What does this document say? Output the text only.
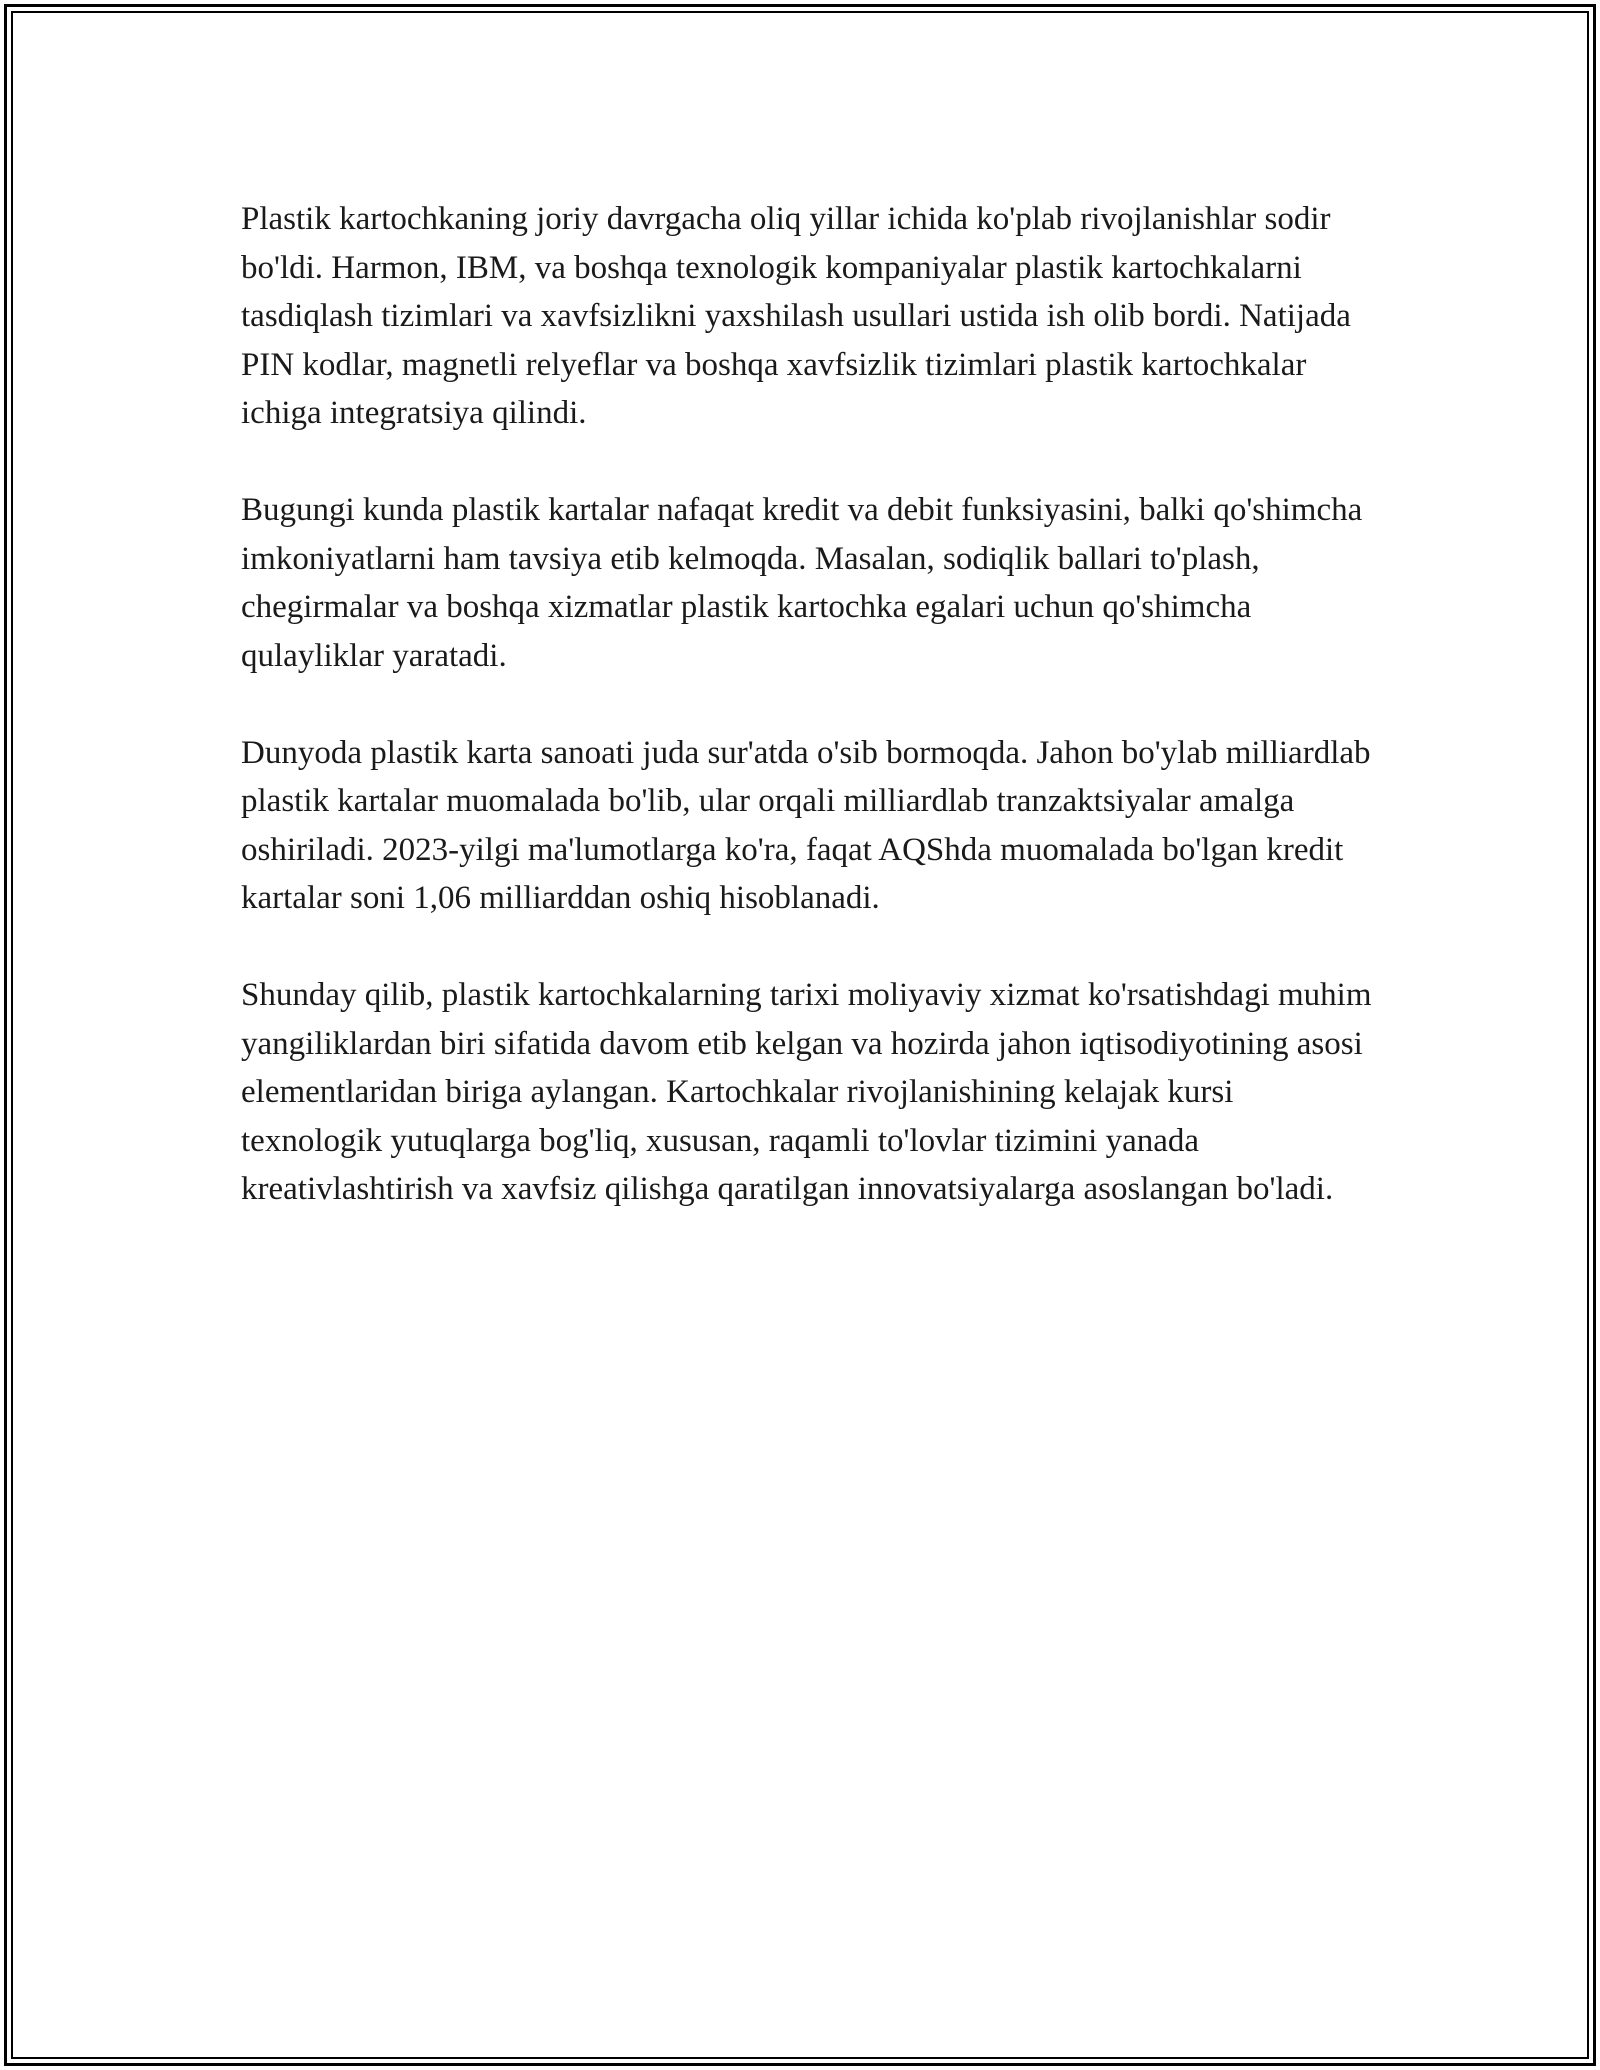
Plastik kartochkaning joriy davrgacha oliq yillar ichida ko'plab rivojlanishlar sodir bo'ldi. Harmon, IBM, va boshqa texnologik kompaniyalar plastik kartochkalarni tasdiqlash tizimlari va xavfsizlikni yaxshilash usullari ustida ish olib bordi. Natijada PIN kodlar, magnetli relyeflar va boshqa xavfsizlik tizimlari plastik kartochkalar ichiga integratsiya qilindi.

Bugungi kunda plastik kartalar nafaqat kredit va debit funksiyasini, balki qo'shimcha imkoniyatlarni ham tavsiya etib kelmoqda. Masalan, sodiqlik ballari to'plash, chegirmalar va boshqa xizmatlar plastik kartochka egalari uchun qo'shimcha qulayliklar yaratadi.

Dunyoda plastik karta sanoati juda sur'atda o'sib bormoqda. Jahon bo'ylab milliardlab plastik kartalar muomalada bo'lib, ular orqali milliardlab tranzaktsiyalar amalga oshiriladi. 2023-yilgi ma'lumotlarga ko'ra, faqat AQShda muomalada bo'lgan kredit kartalar soni 1,06 milliarddan oshiq hisoblanadi.

Shunday qilib, plastik kartochkalarning tarixi moliyaviy xizmat ko'rsatishdagi muhim yangiliklardan biri sifatida davom etib kelgan va hozirda jahon iqtisodiyotining asosi elementlaridan biriga aylangan. Kartochkalar rivojlanishining kelajak kursi texnologik yutuqlarga bog'liq, xususan, raqamli to'lovlar tizimini yanada kreativlashtirish va xavfsiz qilishga qaratilgan innovatsiyalarga asoslangan bo'ladi.
